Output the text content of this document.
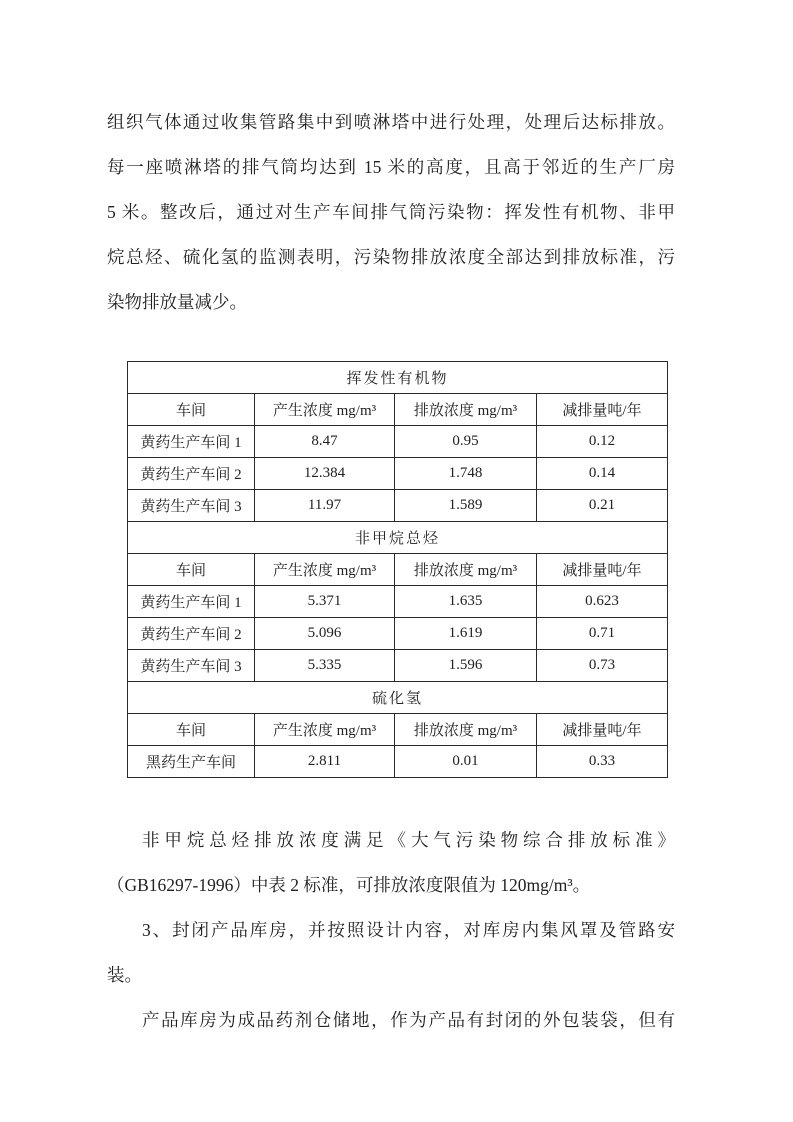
组织气体通过收集管路集中到喷淋塔中进行处理，处理后达标排放。
每一座喷淋塔的排气筒均达到 15 米的高度，且高于邻近的生产厂房
5 米。整改后，通过对生产车间排气筒污染物：挥发性有机物、非甲
烷总烃、硫化氢的监测表明，污染物排放浓度全部达到排放标准，污
染物排放量减少。
挥发性有机物			
车间	产生浓度 mg/m³	排放浓度 mg/m³	减排量吨/年
黄药生产车间 1	8.47	0.95	0.12
黄药生产车间 2	12.384	1.748	0.14
黄药生产车间 3	11.97	1.589	0.21
非甲烷总烃			
车间	产生浓度 mg/m³	排放浓度 mg/m³	减排量吨/年
黄药生产车间 1	5.371	1.635	0.623
黄药生产车间 2	5.096	1.619	0.71
黄药生产车间 3	5.335	1.596	0.73
硫化氢			
车间	产生浓度 mg/m³	排放浓度 mg/m³	减排量吨/年
黑药生产车间	2.811	0.01	0.33
非甲烷总烃排放浓度满足《大气污染物综合排放标准》
（GB16297-1996）中表 2 标准，可排放浓度限值为 120mg/m³。
3、封闭产品库房，并按照设计内容，对库房内集风罩及管路安
装。
产品库房为成品药剂仓储地，作为产品有封闭的外包装袋，但有
